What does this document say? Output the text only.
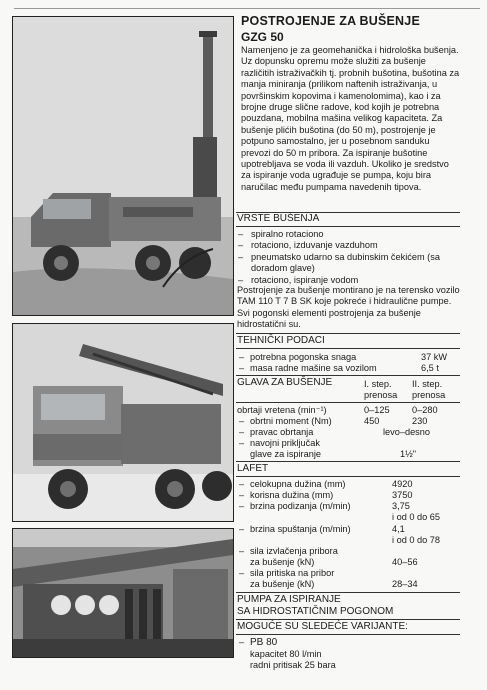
POSTROJENJE ZA BUŠENJE
GZG 50
Namenjeno je za geomehanička i hidrološka bušenja. Uz dopunsku opremu može služiti za bušenje različitih istraživačkih tj. probnih bušotina, bušotina za manja miniranja (prilikom naftenih istraživanja, u površinskim kopovima i kamenolomima), kao i za brojne druge slične radove, kod kojih je potrebna pouzdana, mobilna mašina velikog kapaciteta. Za bušenje plićih bušotina (do 50 m), postrojenje je potpuno samostalno, jer u posebnom sanduku prevozi do 50 m pribora. Za ispiranje bušotine upotrebljava se voda ili vazduh. Ukoliko je sredstvo za ispiranje voda ugrađuje se pumpa, koju bira naručilac među pumpama navedenih tipova.
VRSTE BUŠENJA
– spiralno rotaciono
– rotaciono, izduvanje vazduhom
– pneumatsko udarno sa dubinskim čekićem (sa doradom glave)
– rotaciono, ispiranje vodom
Postrojenje za bušenje montirano je na terensko vozilo TAM 110 T 7 B SK koje pokreće i hidraulične pumpe. Svi pogonski elementi postrojenja za bušenje hidrostatični su.
TEHNIČKI PODACI
– potrebna pogonska snaga	37 kW
– masa radne mašine sa vozilom	6,5 t
GLAVA ZA BUŠENJE	I. step.
prenosa
II. step.
prenosa
obrtaji vretena (min⁻¹)	0–125 0–280
– obrtni moment (Nm)	450	230
– pravac obrtanja	levo–desno
– navojni priključak
glave za ispiranje	1½"
LAFET
– celokupna dužina (mm)	4920
– korisna dužina (mm)	3750
– brzina podizanja (m/min)	3,75
i od 0 do 65
– brzina spuštanja (m/min)	4,1
i od 0 do 78
– sila izvlačenja pribora
za bušenje (kN)	40–56
– sila pritiska na pribor
za bušenje (kN)	28–34
PUMPA ZA ISPIRANJE
SA HIDROSTATIČNIM POGONOM
MOGUĆE SU SLEDEĆE VARIJANTE:
– PB 80
kapacitet 80 l/min
radni pritisak 25 bara
